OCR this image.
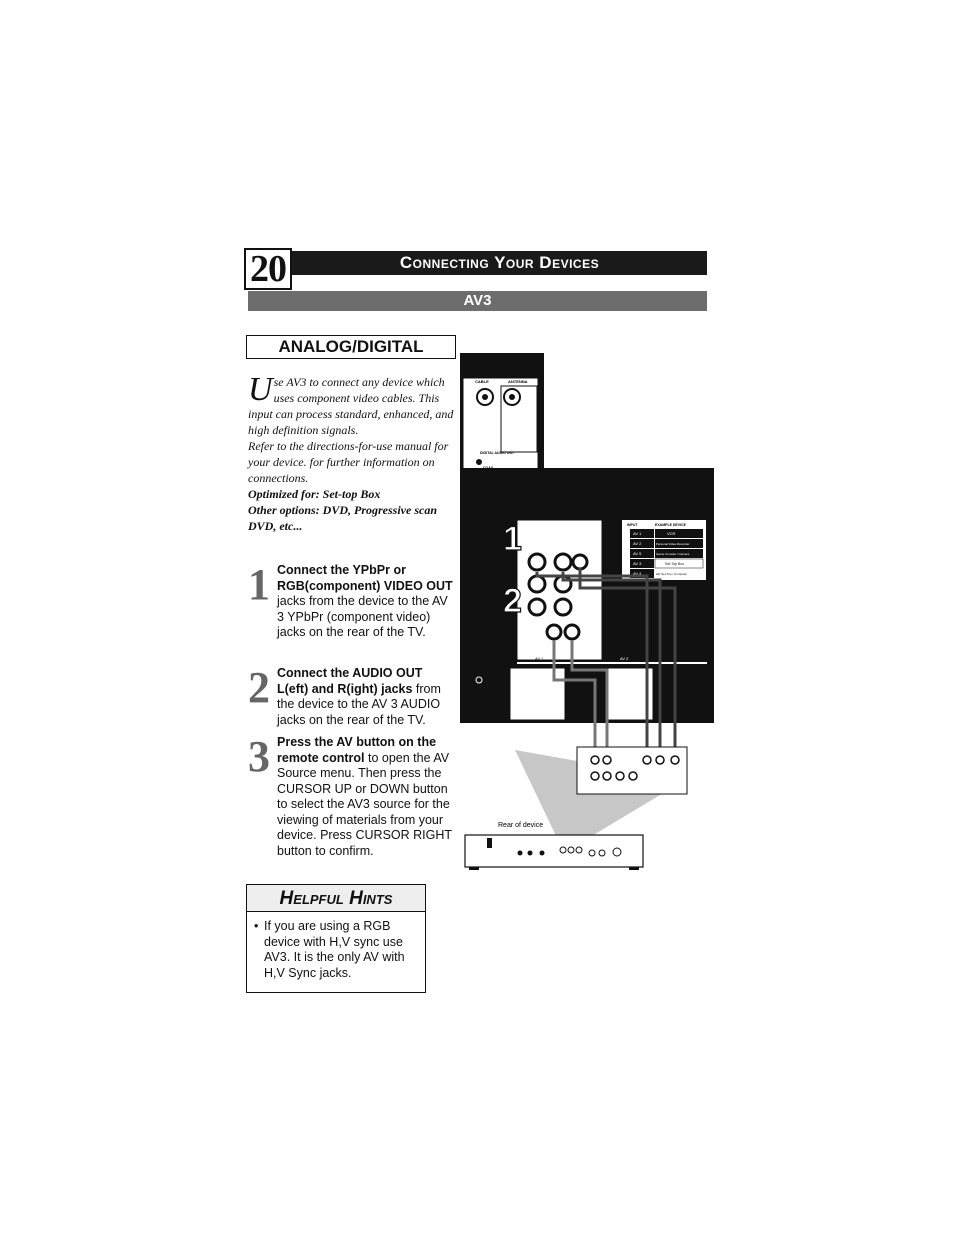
20	Connecting Your Devices
AV3
ANALOG/DIGITAL

Use AV3 to connect any device which uses component video cables. This input can process standard, enhanced, and high definition signals.

Refer to the directions-for-use manual for your device. for further information on connections.

Optimized for: Set-top Box

Other options: DVD, Progressive scan DVD, etc...

1 Connect the YPbPr or RGB(component) VIDEO OUT jacks from the device to the AV 3 YPbPr (component video) jacks on the rear of the TV.
2 Connect the AUDIO OUT L(eft) and R(ight) jacks from the device to the AV 3 AUDIO jacks on the rear of the TV.
3 Press the AV button on the remote control to open the AV Source menu. Then press the CURSOR UP or DOWN button to select the AV3 source for the viewing of materials from your device. Press CURSOR RIGHT button to confirm.
Helpful Hints
• If you are using a RGB device with H,V sync use AV3. It is the only AV with H,V Sync jacks.
CABLE	ANTENNA
DIGITAL AUDIO OUT
INPUT	EXAMPLE DEVICE
AV 1	VCR
AV 2	Personal Video Recorder
AV 5	Game Console / Camera
AV 3	Set-Top Box
AV 4	HD Set-Top / Computer
1
2
AV 1	AV 2
Rear of device
